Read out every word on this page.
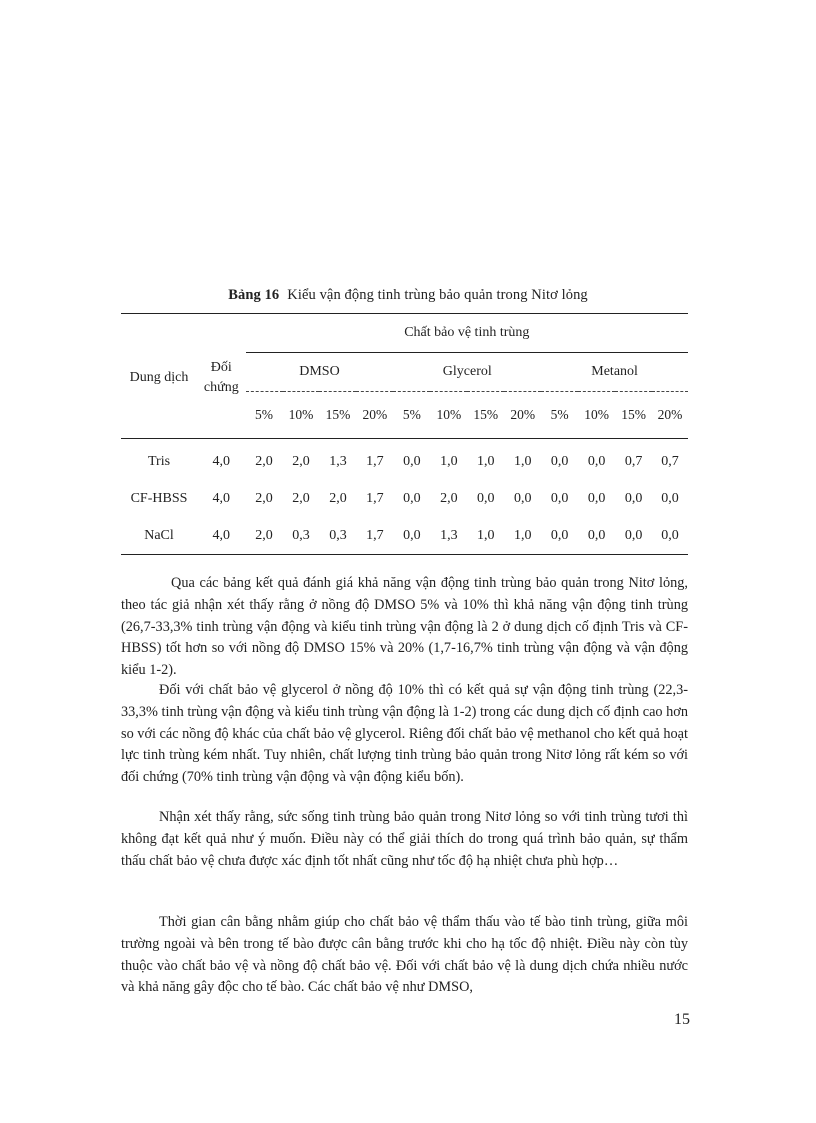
Bảng 16 Kiểu vận động tinh trùng bảo quản trong Nitơ lỏng

Dung dịch	Đối chứng	Chất bảo vệ tinh trùng											
		DMSO				Glycerol				Metanol			
		5%	10%	15%	20%	5%	10%	15%	20%	5%	10%	15%	20%

Tris	4,0	2,0	2,0	1,3	1,7	0,0	1,0	1,0	1,0	0,0	0,0	0,7	0,7
CF-HBSS	4,0	2,0	2,0	2,0	1,7	0,0	2,0	0,0	0,0	0,0	0,0	0,0	0,0
NaCl	4,0	2,0	0,3	0,3	1,7	0,0	1,3	1,0	1,0	0,0	0,0	0,0	0,0

Qua các bảng kết quả đánh giá khả năng vận động tinh trùng bảo quản trong Nitơ lỏng, theo tác giả nhận xét thấy rằng ở nồng độ DMSO 5% và 10% thì khả năng vận động tinh trùng (26,7-33,3% tinh trùng vận động và kiểu tinh trùng vận động là 2 ở dung dịch cố định Tris và CF-HBSS) tốt hơn so với nồng độ DMSO 15% và 20% (1,7-16,7% tinh trùng vận động và vận động kiểu 1-2).

Đối với chất bảo vệ glycerol ở nồng độ 10% thì có kết quả sự vận động tinh trùng (22,3-33,3% tinh trùng vận động và kiểu tinh trùng vận động là 1-2) trong các dung dịch cố định cao hơn so với các nồng độ khác của chất bảo vệ glycerol. Riêng đối chất bảo vệ methanol cho kết quả hoạt lực tinh trùng kém nhất. Tuy nhiên, chất lượng tinh trùng bảo quản trong Nitơ lỏng rất kém so với đối chứng (70% tinh trùng vận động và vận động kiểu bốn).

Nhận xét thấy rằng, sức sống tinh trùng bảo quản trong Nitơ lỏng so với tinh trùng tươi thì không đạt kết quả như ý muốn. Điều này có thể giải thích do trong quá trình bảo quản, sự thẩm thấu chất bảo vệ chưa được xác định tốt nhất cũng như tốc độ hạ nhiệt chưa phù hợp…

Thời gian cân bằng nhằm giúp cho chất bảo vệ thẩm thấu vào tế bào tinh trùng, giữa môi trường ngoài và bên trong tế bào được cân bằng trước khi cho hạ tốc độ nhiệt. Điều này còn tùy thuộc vào chất bảo vệ và nồng độ chất bảo vệ. Đối với chất bảo vệ là dung dịch chứa nhiều nước và khả năng gây độc cho tế bào. Các chất bảo vệ như DMSO,

15
